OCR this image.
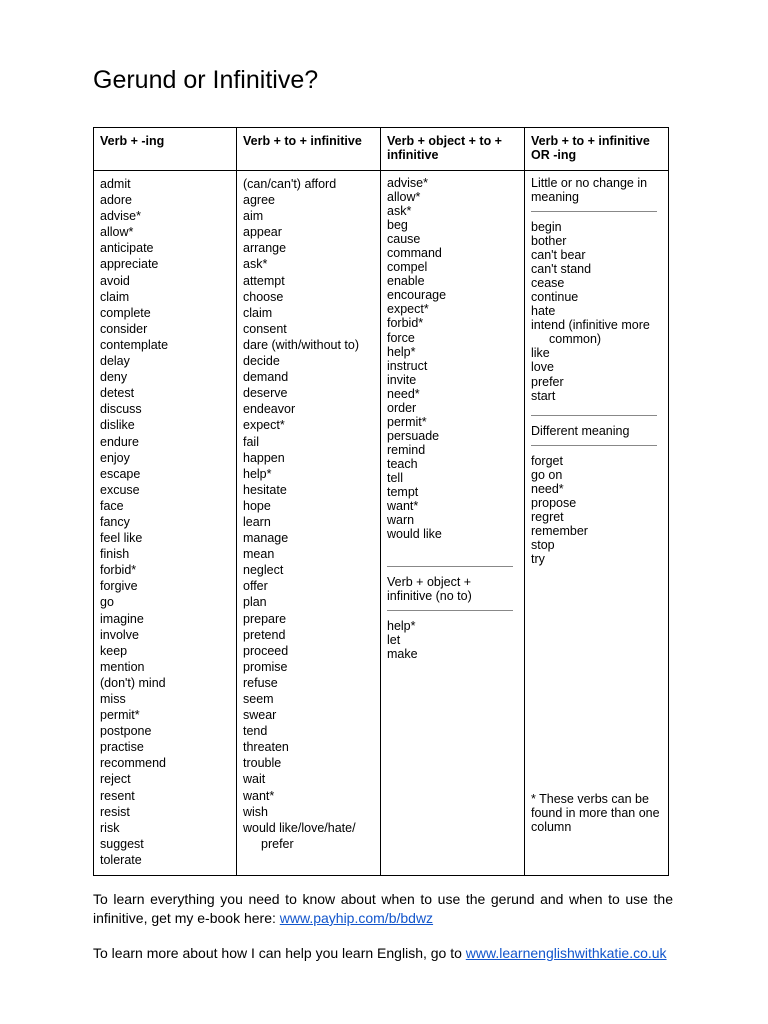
Gerund or Infinitive?
Verb + -ing	Verb + to + infinitive	Verb + object + to + infinitive
Verb + to + infinitive OR -ing
admit
adore
advise*
allow*
anticipate
appreciate
avoid
claim
complete
consider
contemplate
delay
deny
detest
discuss
dislike
endure
enjoy
escape
excuse
face
fancy
feel like
finish
forbid*
forgive
go
imagine
involve
keep
mention
(don't) mind
miss
permit*
postpone
practise
recommend
reject
resent
resist
risk
suggest
tolerate
(can/can't) afford
agree
aim
appear
arrange
ask*
attempt
choose
claim
consent
dare (with/without to)
decide
demand
deserve
endeavor
expect*
fail
happen
help*
hesitate
hope
learn
manage
mean
neglect
offer
plan
prepare
pretend
proceed
promise
refuse
seem
swear
tend
threaten
trouble
wait
want*
wish
would like/love/hate/
prefer
advise*
allow*
ask*
beg
cause
command
compel
enable
encourage
expect*
forbid*
force
help*
instruct
invite
need*
order
permit*
persuade
remind
teach
tell
tempt
want*
warn
would like
Verb + object + infinitive (no to)
help*
let
make
Little or no change in meaning
begin
bother
can't bear
can't stand
cease
continue
hate
intend (infinitive more
common)
like
love
prefer
start
Different meaning
forget
go on
need*
propose
regret
remember
stop
try
* These verbs can be found in more than one column

To learn everything you need to know about when to use the gerund and when to use the infinitive, get my e-book here: www.payhip.com/b/bdwz

To learn more about how I can help you learn English, go to www.learnenglishwithkatie.co.uk
